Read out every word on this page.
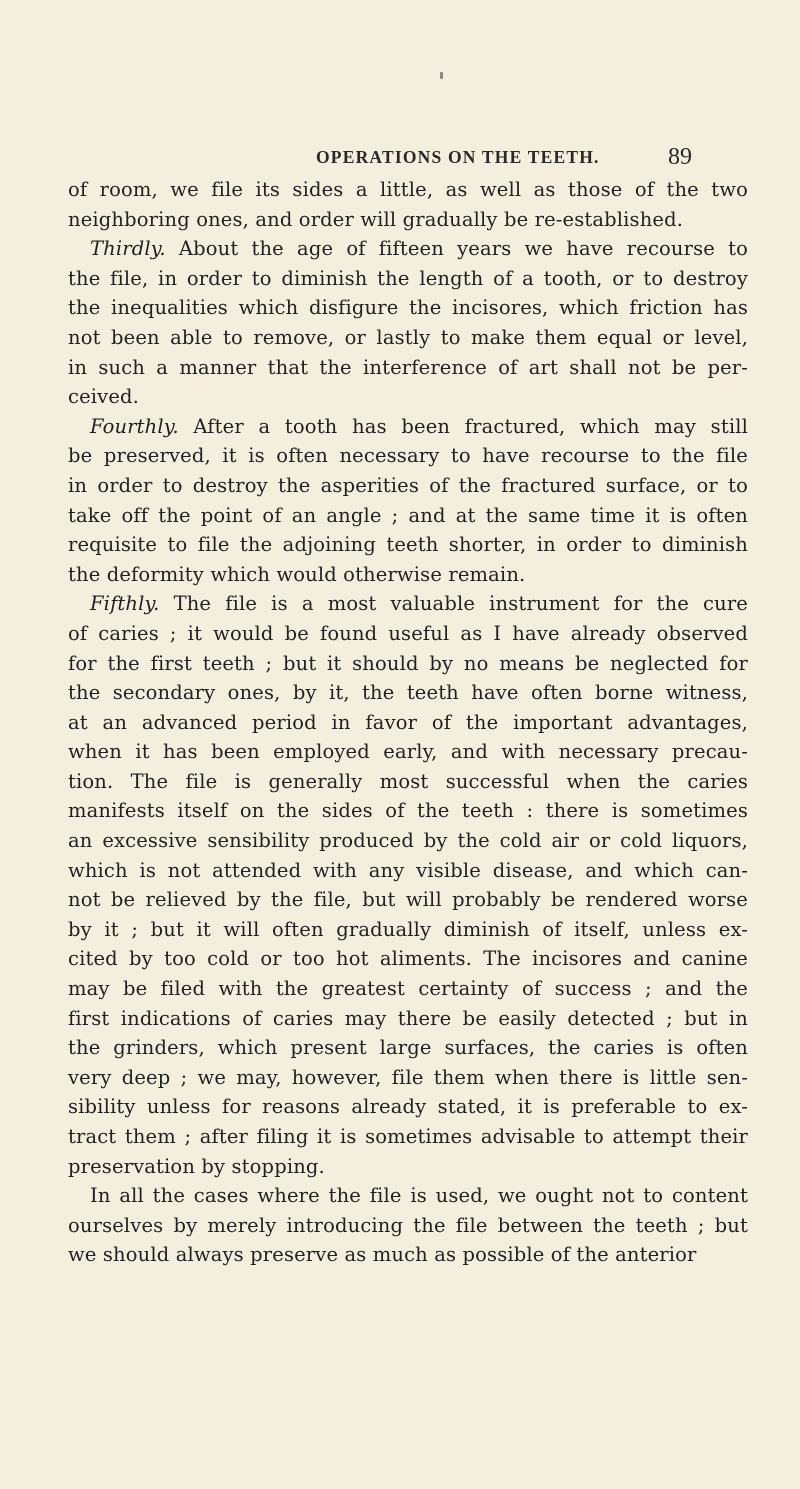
OPERATIONS ON THE TEETH.	89
of room, we file its sides a little, as well as those of the two
neighboring ones, and order will gradually be re-established.
Thirdly. About the age of fifteen years we have recourse to
the file, in order to diminish the length of a tooth, or to destroy
the inequalities which disfigure the incisores, which friction has
not been able to remove, or lastly to make them equal or level,
in such a manner that the interference of art shall not be per-
ceived.
Fourthly. After a tooth has been fractured, which may still
be preserved, it is often necessary to have recourse to the file
in order to destroy the asperities of the fractured surface, or to
take off the point of an angle ; and at the same time it is often
requisite to file the adjoining teeth shorter, in order to diminish
the deformity which would otherwise remain.
Fifthly. The file is a most valuable instrument for the cure
of caries ; it would be found useful as I have already observed
for the first teeth ; but it should by no means be neglected for
the secondary ones, by it, the teeth have often borne witness,
at an advanced period in favor of the important advantages,
when it has been employed early, and with necessary precau-
tion. The file is generally most successful when the caries
manifests itself on the sides of the teeth : there is sometimes
an excessive sensibility produced by the cold air or cold liquors,
which is not attended with any visible disease, and which can-
not be relieved by the file, but will probably be rendered worse
by it ; but it will often gradually diminish of itself, unless ex-
cited by too cold or too hot aliments. The incisores and canine
may be filed with the greatest certainty of success ; and the
first indications of caries may there be easily detected ; but in
the grinders, which present large surfaces, the caries is often
very deep ; we may, however, file them when there is little sen-
sibility unless for reasons already stated, it is preferable to ex-
tract them ; after filing it is sometimes advisable to attempt their
preservation by stopping.
In all the cases where the file is used, we ought not to content
ourselves by merely introducing the file between the teeth ; but
we should always preserve as much as possible of the anterior
